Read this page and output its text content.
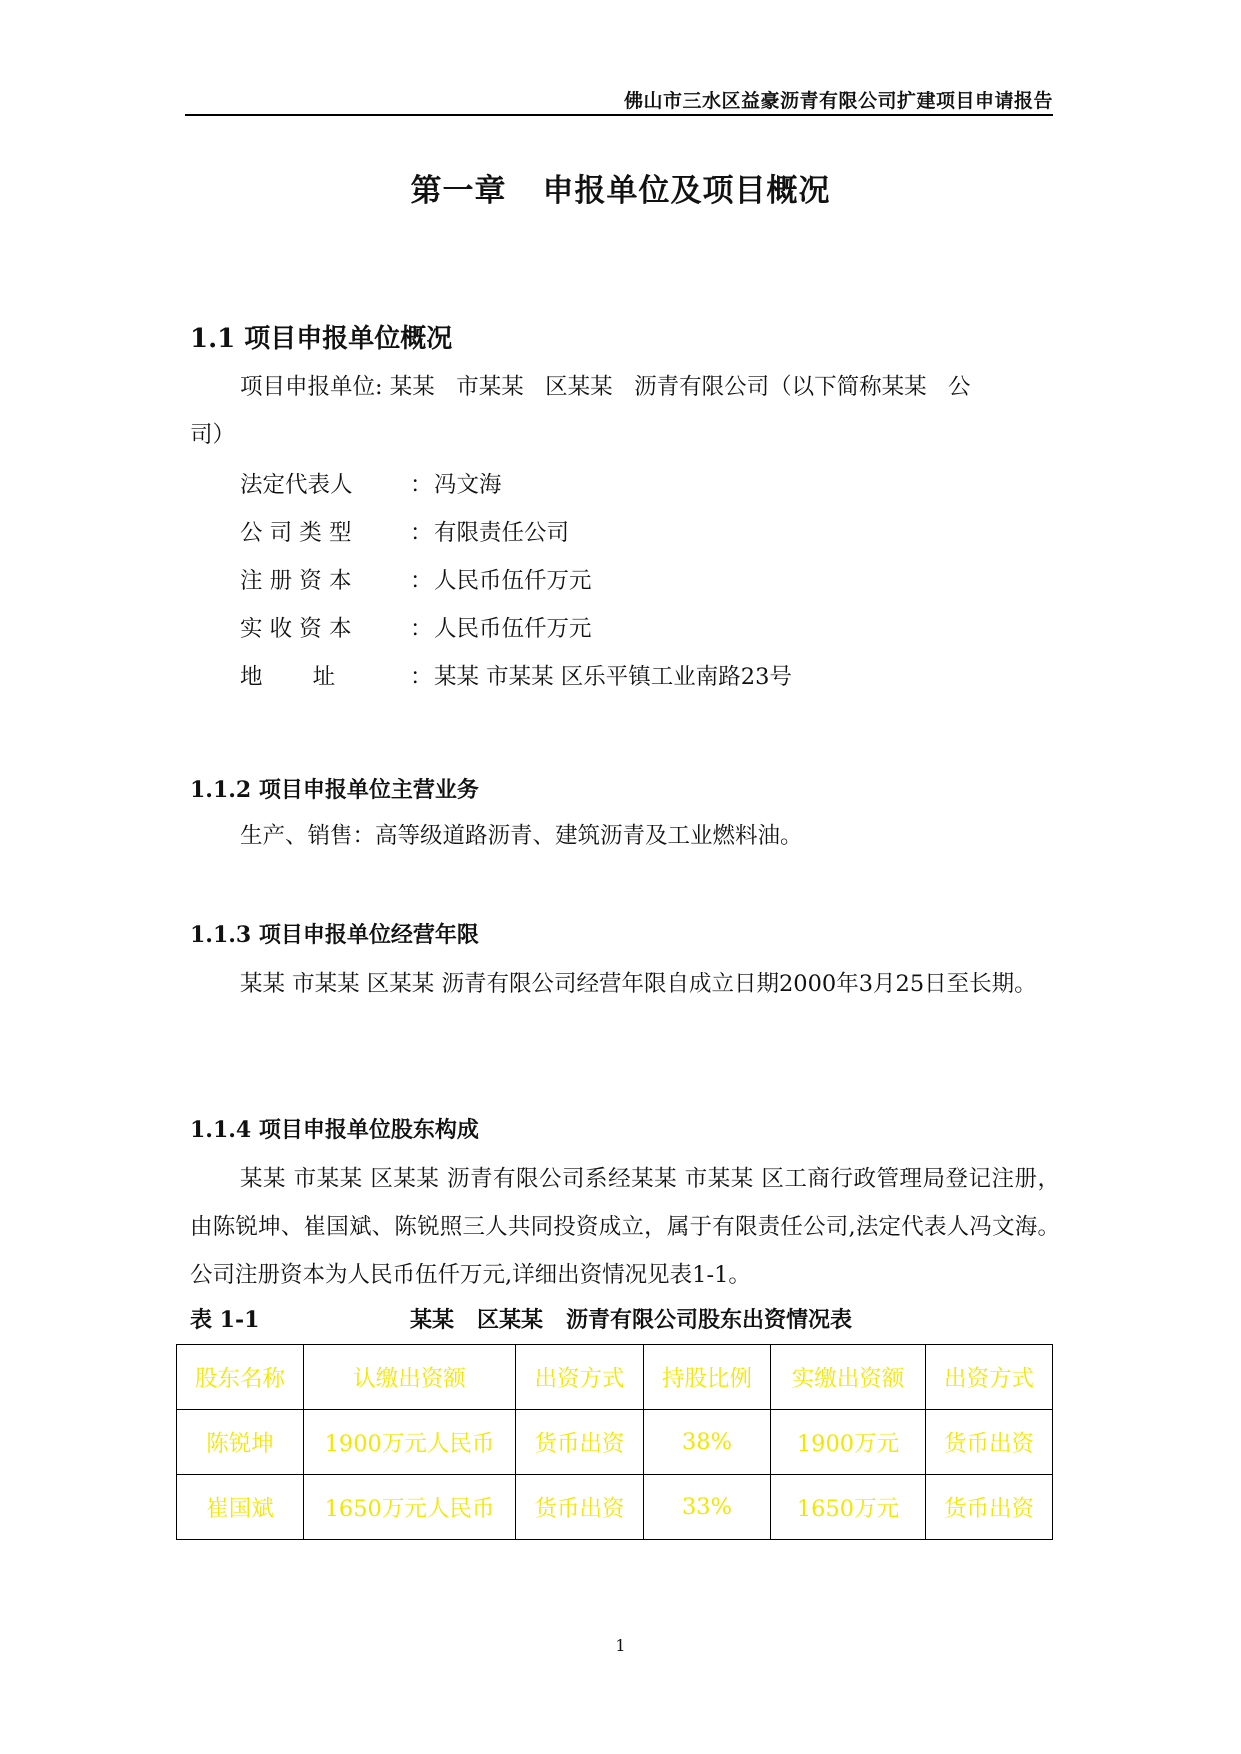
佛山市三水区益豪沥青有限公司扩建项目申请报告
第一章 申报单位及项目概况
1.1 项目申报单位概况
项目申报单位: 某某   市某某   区某某   沥青有限公司（以下简称某某   公
司）
法定代表人	：冯文海
公 司 类 型	：有限责任公司
注 册 资 本	：人民币伍仟万元
实 收 资 本	：人民币伍仟万元
地       址	：某某 市某某 区乐平镇工业南路23号
1.1.2 项目申报单位主营业务
生产、销售：高等级道路沥青、建筑沥青及工业燃料油。
1.1.3 项目申报单位经营年限
某某 市某某 区某某 沥青有限公司经营年限自成立日期2000年3月25日至长期。
1.1.4 项目申报单位股东构成
某某 市某某 区某某 沥青有限公司系经某某 市某某 区工商行政管理局登记注册，由陈锐坤、崔国斌、陈锐照三人共同投资成立，属于有限责任公司,法定代表人冯文海。公司注册资本为人民币伍仟万元,详细出资情况见表1-1。
表 1-1	某某   区某某   沥青有限公司股东出资情况表
股东名称	认缴出资额	出资方式	持股比例	实缴出资额	出资方式
陈锐坤	1900万元人民币	货币出资	38%	1900万元	货币出资
崔国斌	1650万元人民币	货币出资	33%	1650万元	货币出资
1
